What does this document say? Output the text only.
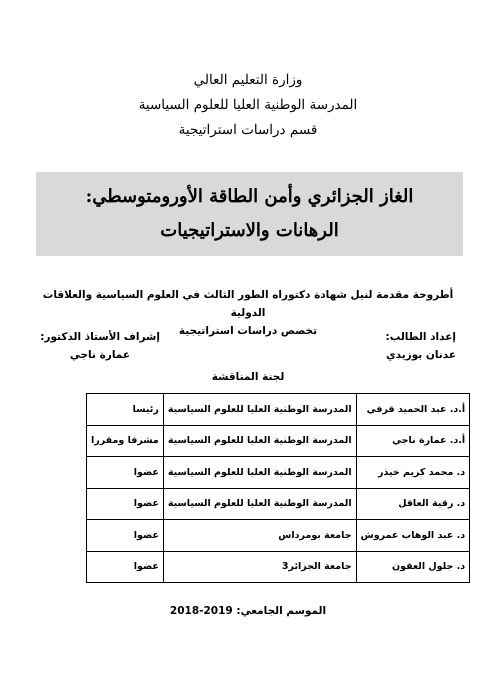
وزارة التعليم العالي
المدرسة الوطنية العليا للعلوم السياسية
قسم دراسات استراتيجية
الغاز الجزائري وأمن الطاقة الأورومتوسطي:
الرهانات والاستراتيجيات
أطروحة مقدمة لنيل شهادة دكتوراه الطور الثالث في العلوم السياسية والعلاقات الدولية
تخصص دراسات استراتيجية	إعداد الطالب:
عدنان بوزيدي
إشراف الأستاذ الدكتور:
عمارة ناجي
لجنة المناقشة
أ.د. عبد الحميد قرفي	المدرسة الوطنية العليا للعلوم السياسية	رئيسا
أ.د. عمارة ناجي	المدرسة الوطنية العليا للعلوم السياسية	مشرفا ومقررا
د. محمد كريم خيذر	المدرسة الوطنية العليا للعلوم السياسية	عضوا
د. رقية العاقل	المدرسة الوطنية العليا للعلوم السياسية	عضوا
د. عبد الوهاب عمروش	جامعة بومرداس	عضوا
د. جلول العقون	جامعة الجزائر3	عضوا
الموسم الجامعي: 2018-2019
